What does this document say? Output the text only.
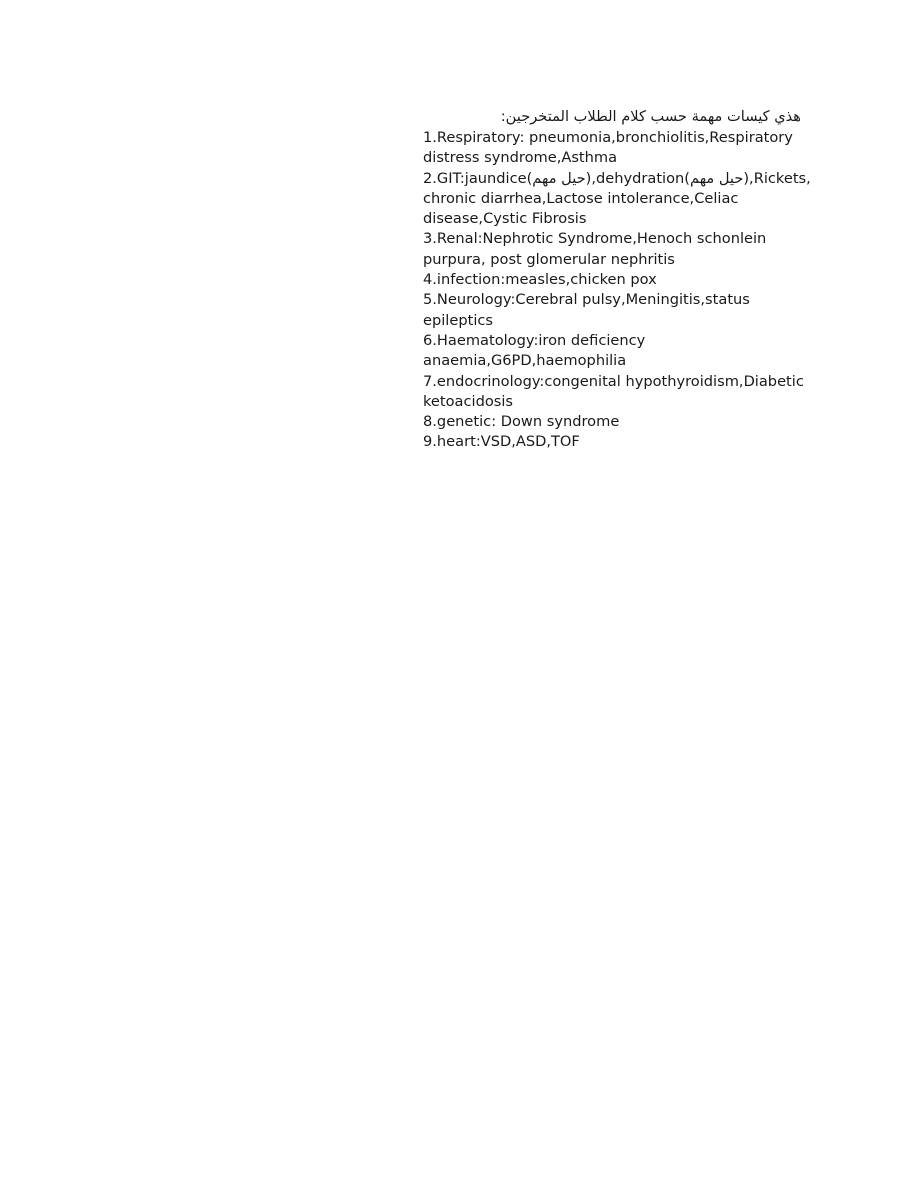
هذي كيسات مهمة حسب كلام الطلاب المتخرجين:

1.Respiratory: pneumonia,bronchiolitis,Respiratory distress syndrome,Asthma
2.GIT:jaundice(حيل مهم),dehydration(حيل مهم),Rickets, chronic diarrhea,Lactose intolerance,Celiac disease,Cystic Fibrosis
3.Renal:Nephrotic Syndrome,Henoch schonlein purpura, post glomerular nephritis
4.infection:measles,chicken pox
5.Neurology:Cerebral pulsy,Meningitis,status epileptics
6.Haematology:iron deficiency anaemia,G6PD,haemophilia
7.endocrinology:congenital hypothyroidism,Diabetic ketoacidosis
8.genetic: Down syndrome
9.heart:VSD,ASD,TOF
